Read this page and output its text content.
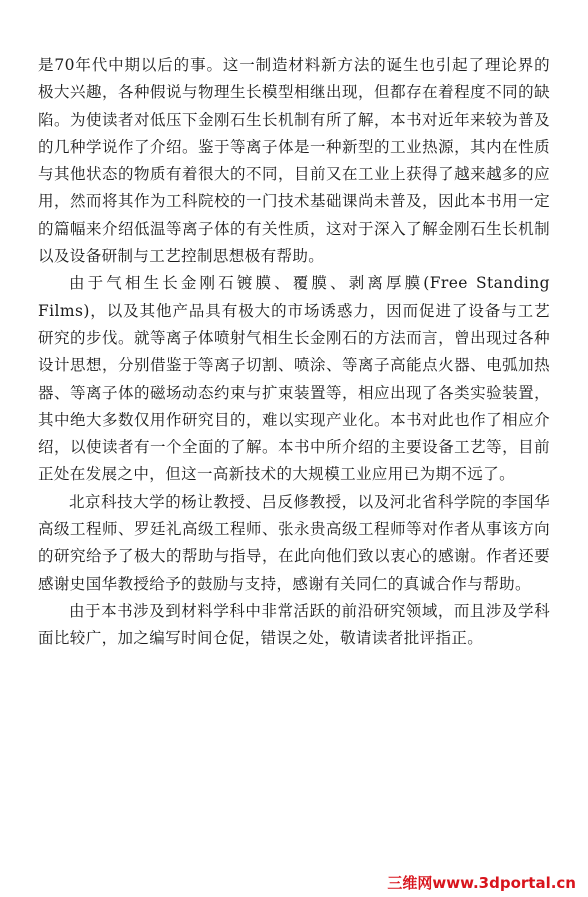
是70年代中期以后的事。这一制造材料新方法的诞生也引起了理论界的极大兴趣，各种假说与物理生长模型相继出现，但都存在着程度不同的缺陷。为使读者对低压下金刚石生长机制有所了解，本书对近年来较为普及的几种学说作了介绍。鉴于等离子体是一种新型的工业热源，其内在性质与其他状态的物质有着很大的不同，目前又在工业上获得了越来越多的应用，然而将其作为工科院校的一门技术基础课尚未普及，因此本书用一定的篇幅来介绍低温等离子体的有关性质，这对于深入了解金刚石生长机制以及设备研制与工艺控制思想极有帮助。

由于气相生长金刚石镀膜、覆膜、剥离厚膜(Free Standing Films)，以及其他产品具有极大的市场诱惑力，因而促进了设备与工艺研究的步伐。就等离子体喷射气相生长金刚石的方法而言，曾出现过各种设计思想，分别借鉴于等离子切割、喷涂、等离子高能点火器、电弧加热器、等离子体的磁场动态约束与扩束装置等，相应出现了各类实验装置，其中绝大多数仅用作研究目的，难以实现产业化。本书对此也作了相应介绍，以使读者有一个全面的了解。本书中所介绍的主要设备工艺等，目前正处在发展之中，但这一高新技术的大规模工业应用已为期不远了。

北京科技大学的杨让教授、吕反修教授，以及河北省科学院的李国华高级工程师、罗廷礼高级工程师、张永贵高级工程师等对作者从事该方向的研究给予了极大的帮助与指导，在此向他们致以衷心的感谢。作者还要感谢史国华教授给予的鼓励与支持，感谢有关同仁的真诚合作与帮助。

由于本书涉及到材料学科中非常活跃的前沿研究领域，而且涉及学科面比较广，加之编写时间仓促，错误之处，敬请读者批评指正。

三维网www.3dportal.cn
